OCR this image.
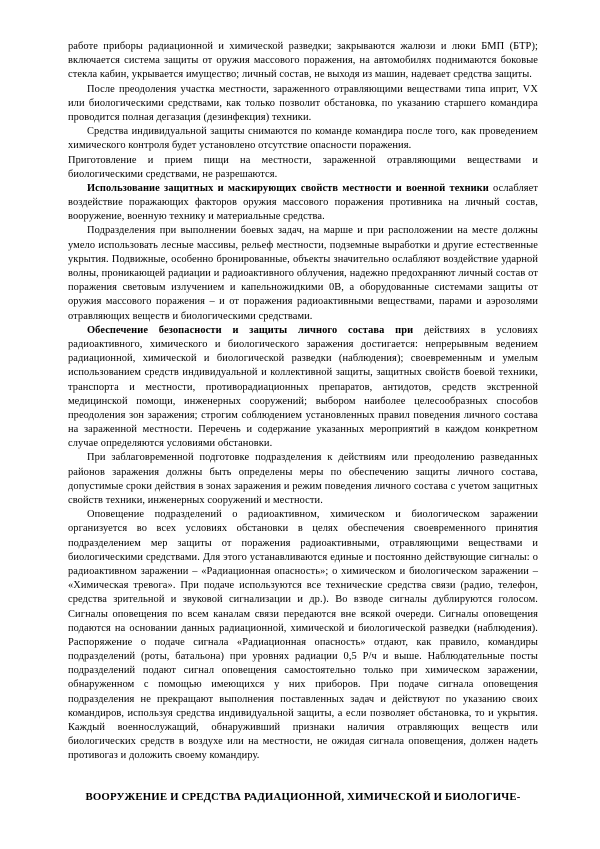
работе приборы радиационной и химической разведки; закрываются жалюзи и люки БМП (БТР); включается система защиты от оружия массового поражения, на автомобилях поднимаются боковые стекла кабин, укрывается имущество; личный состав, не выходя из машин, надевает средства защиты.

После преодоления участка местности, зараженного отравляющими веществами типа иприт, VX или биологическими средствами, как только позволит обстановка, по указанию старшего командира проводится полная дегазация (дезинфекция) техники.

Средства индивидуальной защиты снимаются по команде командира после того, как проведением химического контроля будет установлено отсутствие опасности поражения.

Приготовление и прием пищи на местности, зараженной отравляющими веществами и биологическими средствами, не разрешаются.

Использование защитных и маскирующих свойств местности и военной техники ослабляет воздействие поражающих факторов оружия массового поражения противника на личный состав, вооружение, военную технику и материальные средства.

Подразделения при выполнении боевых задач, на марше и при расположении на месте должны умело использовать лесные массивы, рельеф местности, подземные выработки и другие естественные укрытия. Подвижные, особенно бронированные, объекты значительно ослабляют воздействие ударной волны, проникающей радиации и радиоактивного облучения, надежно предохраняют личный состав от поражения световым излучением и капельножидкими 0В, а оборудованные системами защиты от оружия массового поражения – и от поражения радиоактивными веществами, парами и аэрозолями отравляющих веществ и биологическими средствами.

Обеспечение безопасности и защиты личного состава при действиях в условиях радиоактивного, химического и биологического заражения достигается: непрерывным ведением радиационной, химической и биологической разведки (наблюдения); своевременным и умелым использованием средств индивидуальной и коллективной защиты, защитных свойств боевой техники, транспорта и местности, противорадиационных препаратов, антидотов, средств экстренной медицинской помощи, инженерных сооружений; выбором наиболее целесообразных способов преодоления зон заражения; строгим соблюдением установленных правил поведения личного состава на зараженной местности. Перечень и содержание указанных мероприятий в каждом конкретном случае определяются условиями обстановки.

При заблаговременной подготовке подразделения к действиям или преодолению разведанных районов заражения должны быть определены меры по обеспечению защиты личного состава, допустимые сроки действия в зонах заражения и режим поведения личного состава с учетом защитных свойств техники, инженерных сооружений и местности.

Оповещение подразделений о радиоактивном, химическом и биологическом заражении организуется во всех условиях обстановки в целях обеспечения своевременного принятия подразделением мер защиты от поражения радиоактивными, отравляющими веществами и биологическими средствами. Для этого устанавливаются единые и постоянно действующие сигналы: о радиоактивном заражении – «Радиационная опасность»; о химическом и биологическом заражении – «Химическая тревога». При подаче используются все технические средства связи (радио, телефон, средства зрительной и звуковой сигнализации и др.). Во взводе сигналы дублируются голосом. Сигналы оповещения по всем каналам связи передаются вне всякой очереди. Сигналы оповещения подаются на основании данных радиационной, химической и биологической разведки (наблюдения). Распоряжение о подаче сигнала «Радиационная опасность» отдают, как правило, командиры подразделений (роты, батальона) при уровнях радиации 0,5 Р/ч и выше. Наблюдательные посты подразделений подают сигнал оповещения самостоятельно только при химическом заражении, обнаруженном с помощью имеющихся у них приборов. При подаче сигнала оповещения подразделения не прекращают выполнения поставленных задач и действуют по указанию своих командиров, используя средства индивидуальной защиты, а если позволяет обстановка, то и укрытия. Каждый военнослужащий, обнаруживший признаки наличия отравляющих веществ или биологических средств в воздухе или на местности, не ожидая сигнала оповещения, должен надеть противогаз и доложить своему командиру.

ВООРУЖЕНИЕ И СРЕДСТВА РАДИАЦИОННОЙ, ХИМИЧЕСКОЙ И БИОЛОГИЧЕ-
